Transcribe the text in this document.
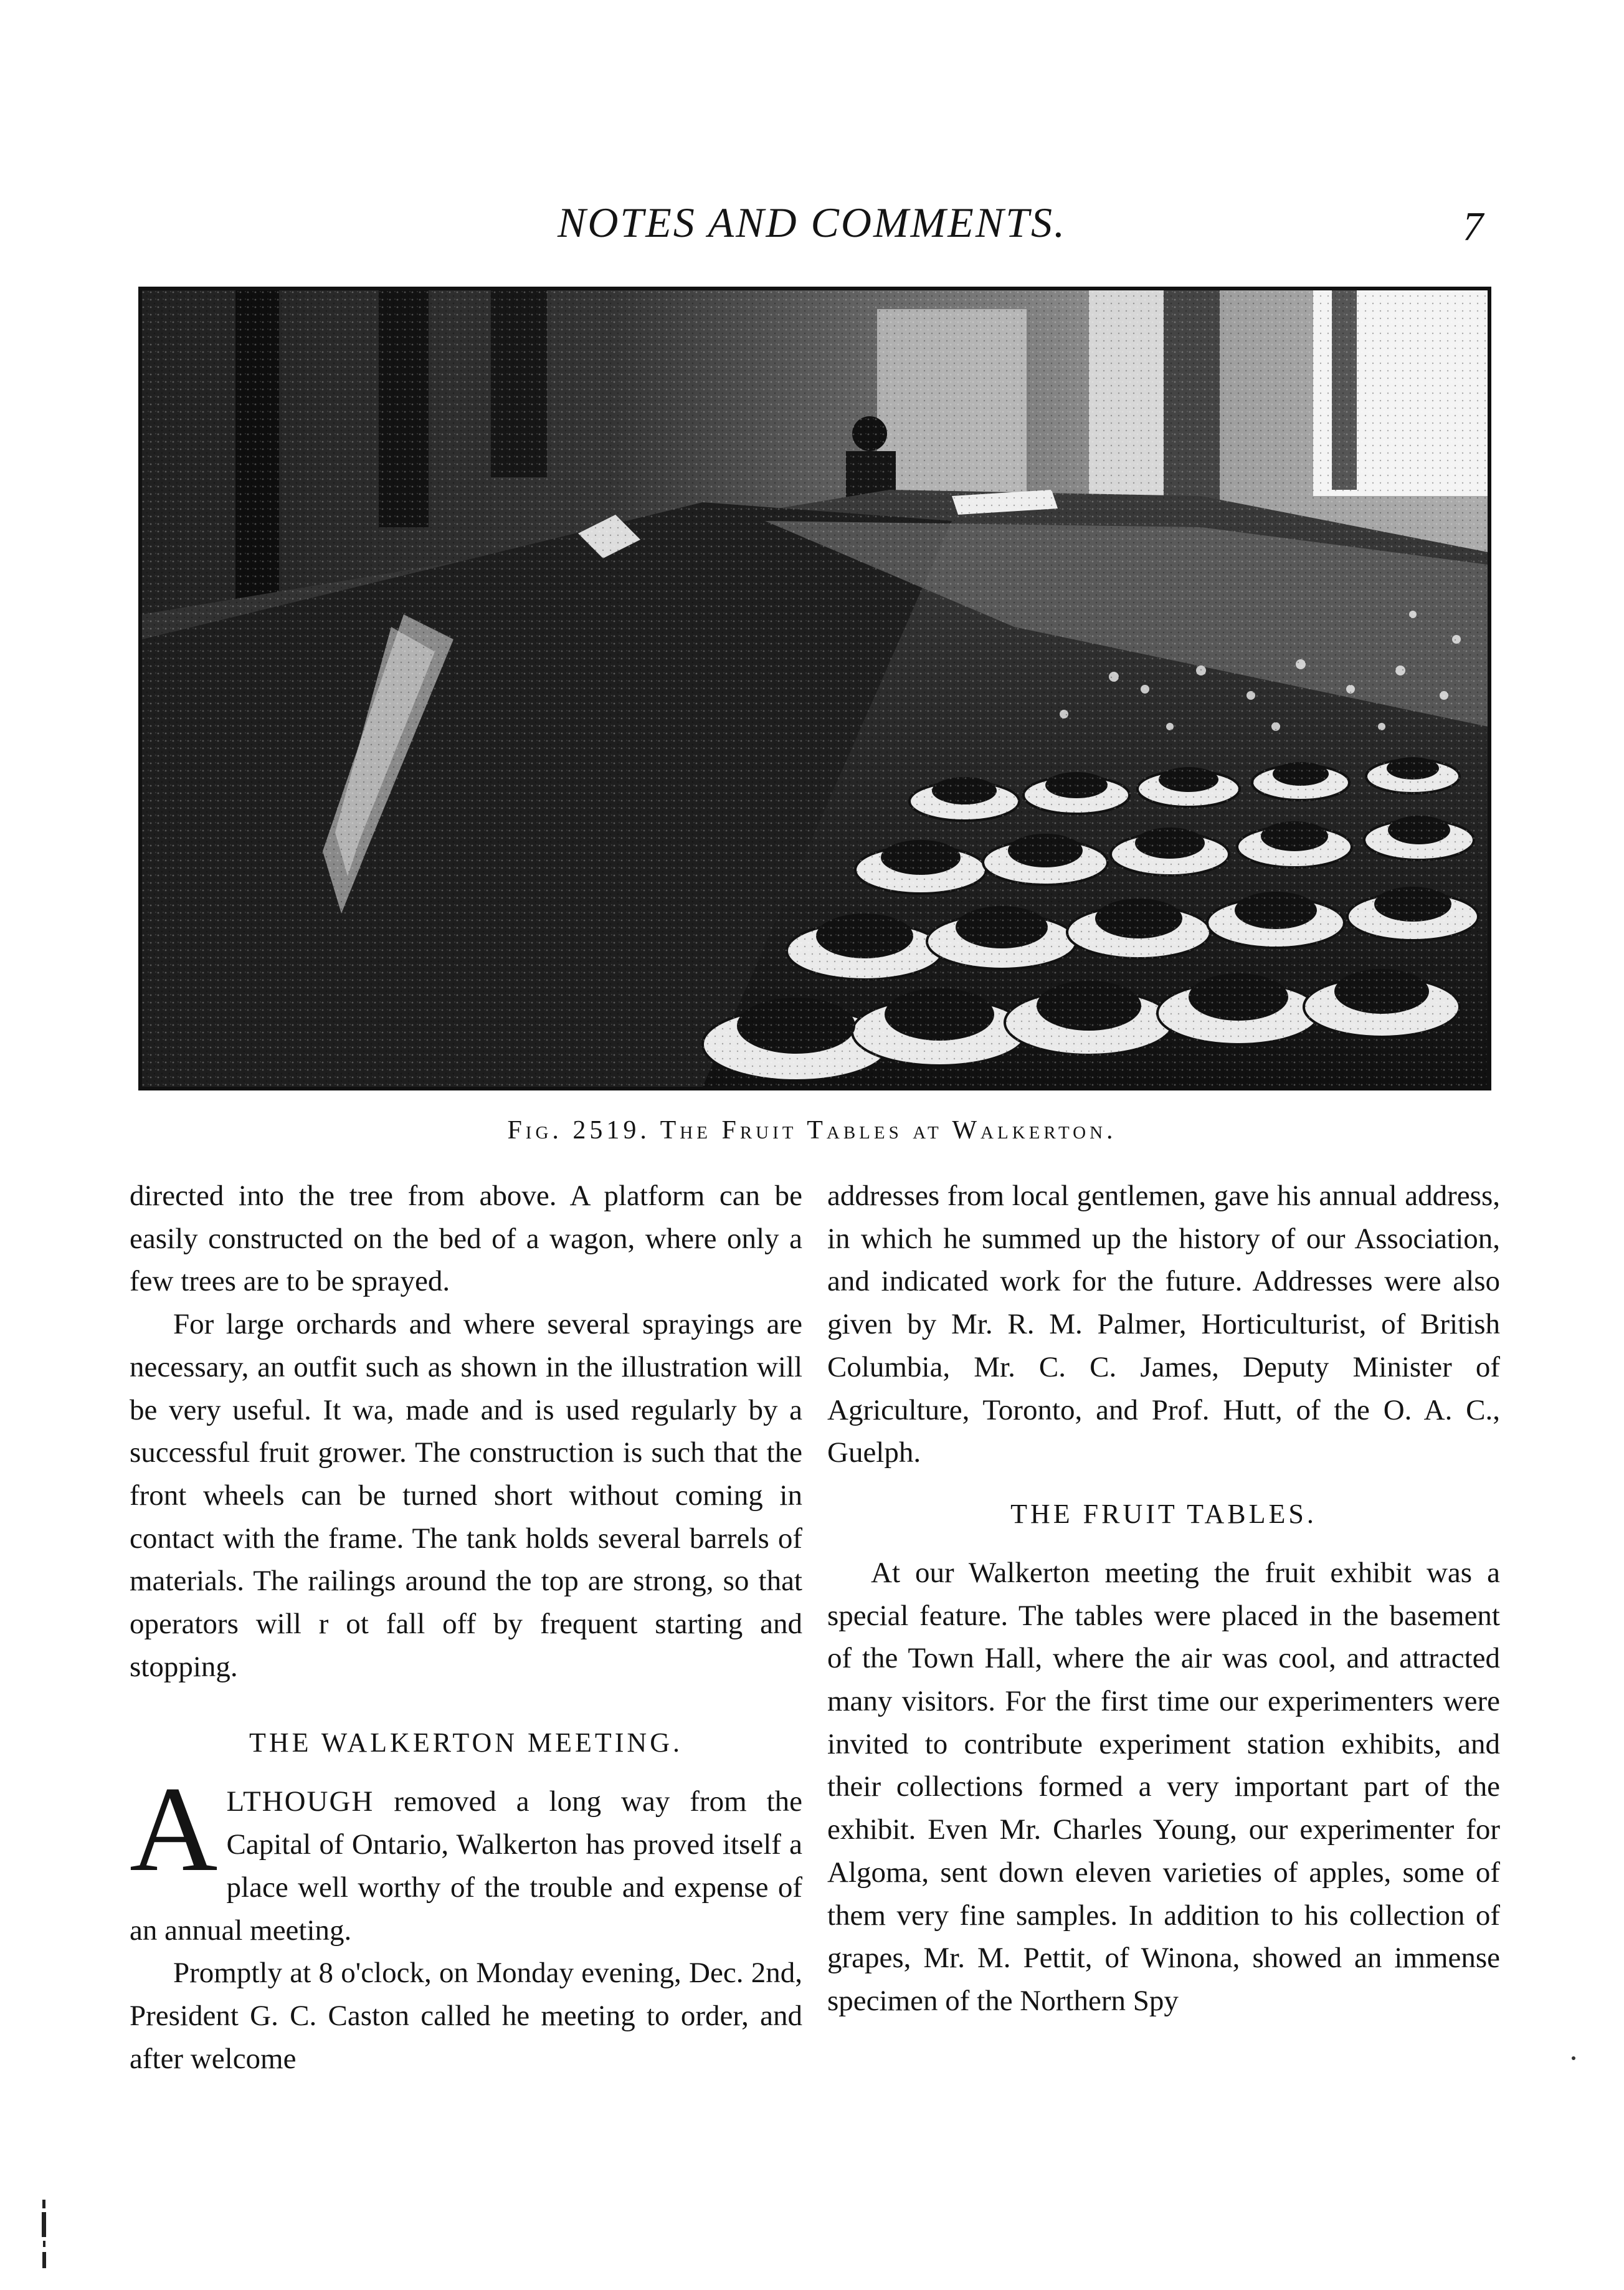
NOTES AND COMMENTS.	7
Fig. 2519. The Fruit Tables at Walkerton.

directed into the tree from above. A platform can be easily constructed on the bed of a wagon, where only a few trees are to be sprayed.

For large orchards and where several sprayings are necessary, an outfit such as shown in the illustration will be very useful. It wa, made and is used regularly by a successful fruit grower. The construction is such that the front wheels can be turned short without coming in contact with the frame. The tank holds several barrels of materials. The railings around the top are strong, so that operators will r ot fall off by frequent starting and stopping.

THE WALKERTON MEETING.

ALTHOUGH removed a long way from the Capital of Ontario, Walkerton has proved itself a place well worthy of the trouble and expense of an annual meeting.

Promptly at 8 o'clock, on Monday evening, Dec. 2nd, President G. C. Caston called he meeting to order, and after welcome

addresses from local gentlemen, gave his annual address, in which he summed up the history of our Association, and indicated work for the future. Addresses were also given by Mr. R. M. Palmer, Horticulturist, of British Columbia, Mr. C. C. James, Deputy Minister of Agriculture, Toronto, and Prof. Hutt, of the O. A. C., Guelph.

THE FRUIT TABLES.

At our Walkerton meeting the fruit exhibit was a special feature. The tables were placed in the basement of the Town Hall, where the air was cool, and attracted many visitors. For the first time our experimenters were invited to contribute experiment station exhibits, and their collections formed a very important part of the exhibit. Even Mr. Charles Young, our experimenter for Algoma, sent down eleven varieties of apples, some of them very fine samples. In addition to his collection of grapes, Mr. M. Pettit, of Winona, showed an immense specimen of the Northern Spy
